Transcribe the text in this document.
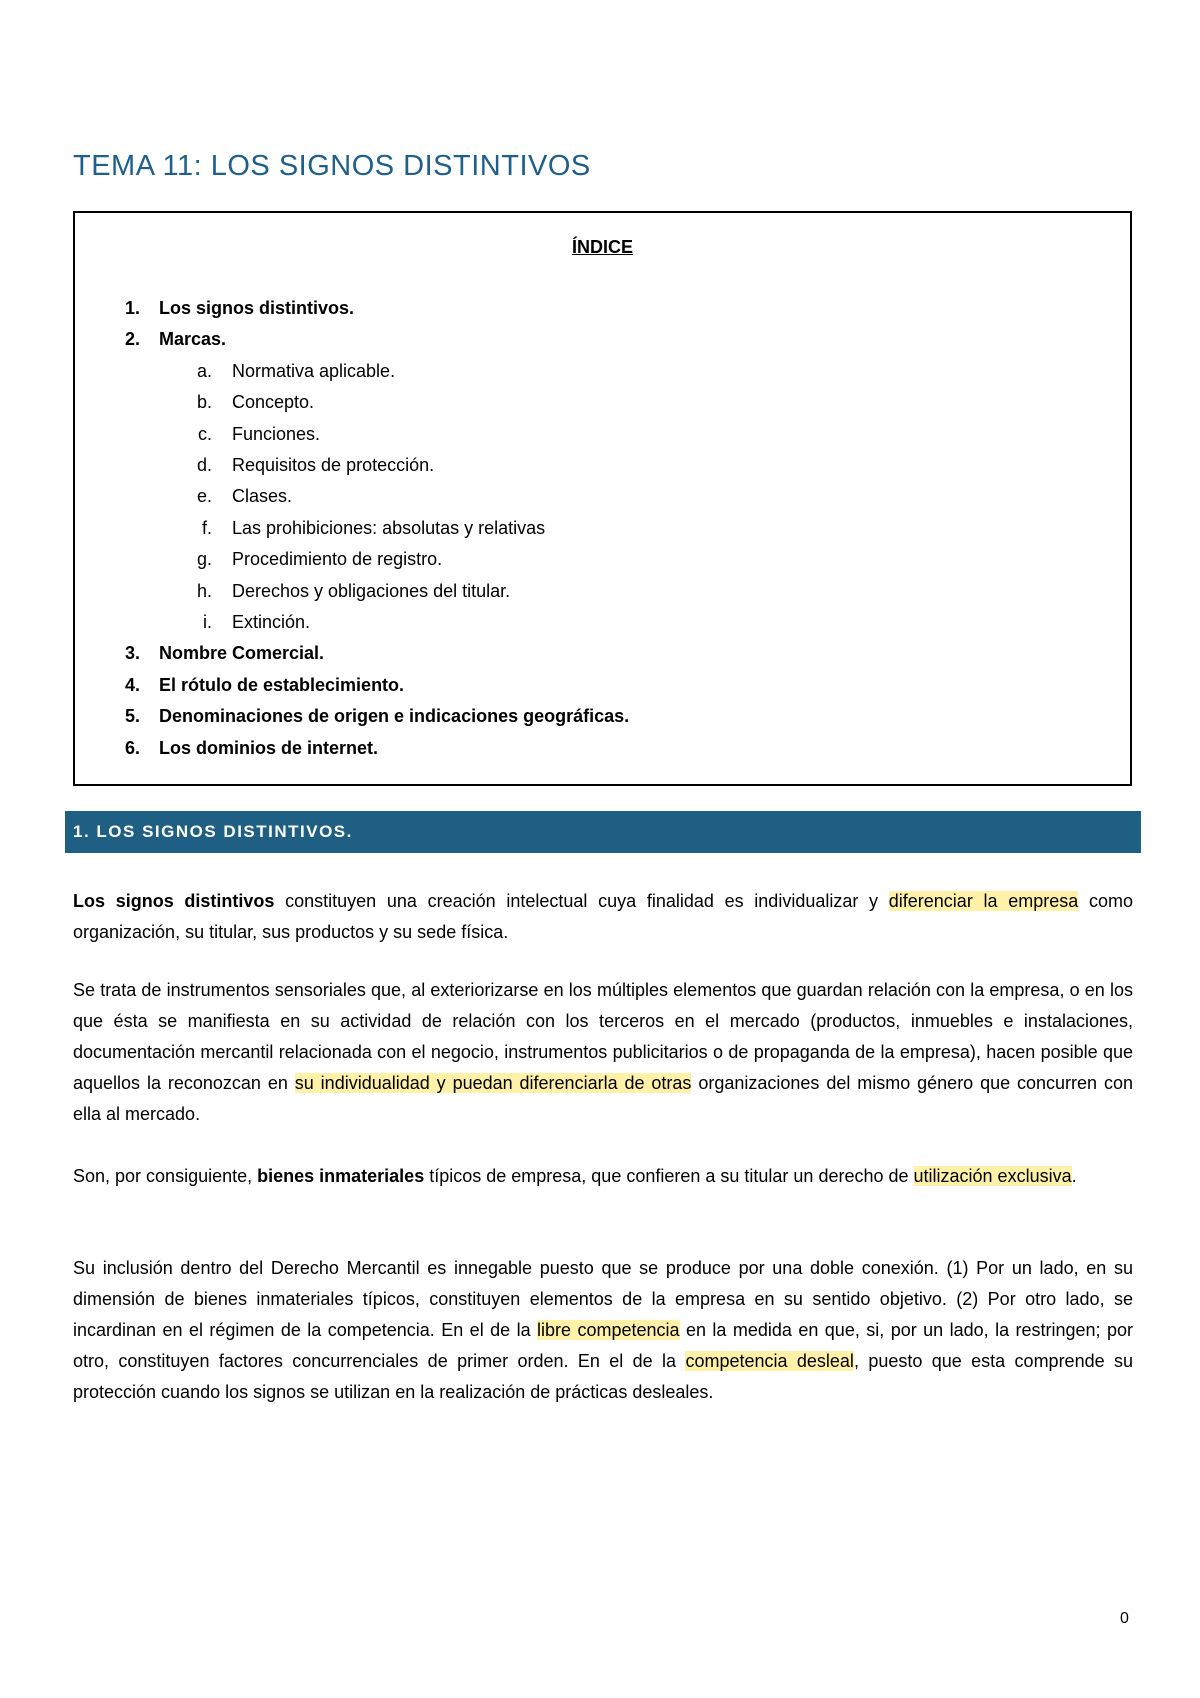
TEMA 11: LOS SIGNOS DISTINTIVOS
ÍNDICE
1. Los signos distintivos.
2. Marcas.
a. Normativa aplicable.
b. Concepto.
c. Funciones.
d. Requisitos de protección.
e. Clases.
f. Las prohibiciones: absolutas y relativas
g. Procedimiento de registro.
h. Derechos y obligaciones del titular.
i. Extinción.
3. Nombre Comercial.
4. El rótulo de establecimiento.
5. Denominaciones de origen e indicaciones geográficas.
6. Los dominios de internet.
1. LOS SIGNOS DISTINTIVOS.

Los signos distintivos constituyen una creación intelectual cuya finalidad es individualizar y diferenciar la empresa como organización, su titular, sus productos y su sede física.

Se trata de instrumentos sensoriales que, al exteriorizarse en los múltiples elementos que guardan relación con la empresa, o en los que ésta se manifiesta en su actividad de relación con los terceros en el mercado (productos, inmuebles e instalaciones, documentación mercantil relacionada con el negocio, instrumentos publicitarios o de propaganda de la empresa), hacen posible que aquellos la reconozcan en su individualidad y puedan diferenciarla de otras organizaciones del mismo género que concurren con ella al mercado.

Son, por consiguiente, bienes inmateriales típicos de empresa, que confieren a su titular un derecho de utilización exclusiva.

Su inclusión dentro del Derecho Mercantil es innegable puesto que se produce por una doble conexión. (1) Por un lado, en su dimensión de bienes inmateriales típicos, constituyen elementos de la empresa en su sentido objetivo. (2) Por otro lado, se incardinan en el régimen de la competencia. En el de la libre competencia en la medida en que, si, por un lado, la restringen; por otro, constituyen factores concurrenciales de primer orden. En el de la competencia desleal, puesto que esta comprende su protección cuando los signos se utilizan en la realización de prácticas desleales.

0
